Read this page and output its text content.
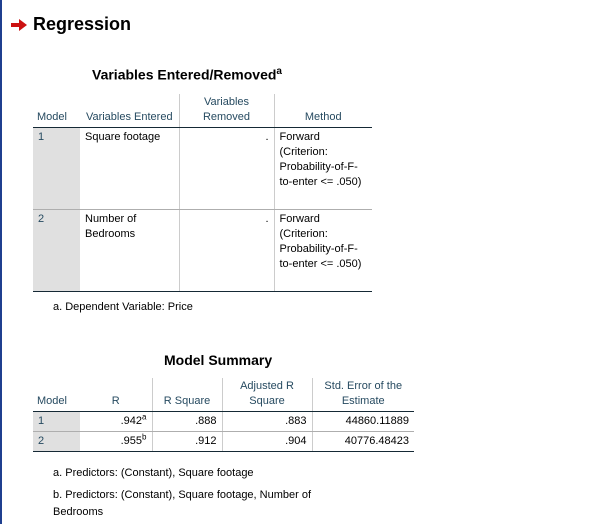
Regression
Variables Entered/Removed$^a$
Model	Variables Entered	Variables Removed	Method
1	Square footage	.	Forward (Criterion: Probability-of-F-to-enter <= .050)
2	Number of Bedrooms	.	Forward (Criterion: Probability-of-F-to-enter <= .050)
a. Dependent Variable: Price
Model Summary
Model	R	R Square	Adjusted R Square	Std. Error of the Estimate
1	.942$^a$	.888	.883	44860.11889
2	.955$^b$	.912	.904	40776.48423
a. Predictors: (Constant), Square footage
b. Predictors: (Constant), Square footage, Number of Bedrooms
